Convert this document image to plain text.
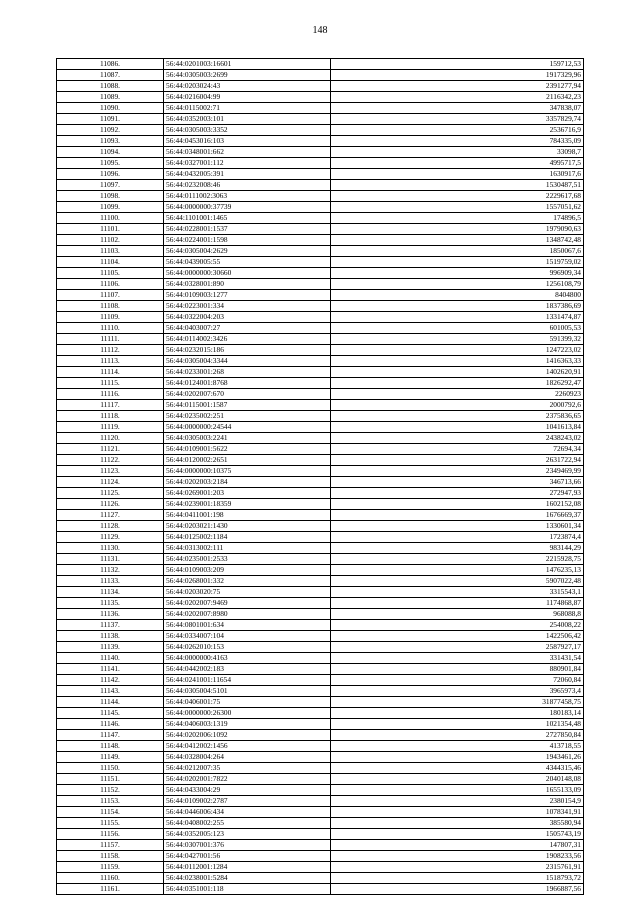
148
11086.	56:44:0201003:16601	159712,53
11087.	56:44:0305003:2699	1917329,96
11088.	56:44:0203024:43	2391277,94
11089.	56:44:0216004:99	2116342,23
11090.	56:44:0115002:71	347838,07
11091.	56:44:0352003:101	3357829,74
11092.	56:44:0305003:3352	2536716,9
11093.	56:44:0453016:103	784335,09
11094.	56:44:0348001:662	33098,7
11095.	56:44:0327001:112	4995717,5
11096.	56:44:0432005:391	1630917,6
11097.	56:44:0232008:46	1530487,51
11098.	56:44:0111002:3063	2229617,68
11099.	56:44:0000000:37739	1557051,62
11100.	56:44:1101001:1465	174896,5
11101.	56:44:0228001:1537	1979090,63
11102.	56:44:0224001:1598	1348742,48
11103.	56:44:0305004:2629	1850067,6
11104.	56:44:0439005:55	1519759,02
11105.	56:44:0000000:30660	996909,34
11106.	56:44:0328001:890	1256108,79
11107.	56:44:0109003:1277	8404800
11108.	56:44:0223001:334	1837386,69
11109.	56:44:0322004:203	1331474,87
11110.	56:44:0403007:27	601005,53
11111.	56:44:0114002:3426	591399,32
11112.	56:44:0232015:186	1247223,02
11113.	56:44:0305004:3344	1416363,33
11114.	56:44:0233001:268	1402620,91
11115.	56:44:0124001:8768	1826292,47
11116.	56:44:0202007:670	2260923
11117.	56:44:0115001:1587	2000792,6
11118.	56:44:0235002:251	2375836,65
11119.	56:44:0000000:24544	1041613,84
11120.	56:44:0305003:2241	2438243,02
11121.	56:44:0109001:5622	72694,34
11122.	56:44:0120002:2651	2631722,94
11123.	56:44:0000000:10375	2349469,99
11124.	56:44:0202003:2184	346713,66
11125.	56:44:0269001:203	272947,93
11126.	56:44:0239001:18359	1602152,08
11127.	56:44:0411001:198	1676669,37
11128.	56:44:0203021:1430	1330601,34
11129.	56:44:0125002:1184	1723874,4
11130.	56:44:0313002:111	983144,29
11131.	56:44:0235001:2533	2215928,75
11132.	56:44:0109003:209	1476235,13
11133.	56:44:0268001:332	5907022,48
11134.	56:44:0203020:75	3315543,1
11135.	56:44:0202007:9469	1174868,87
11136.	56:44:0202007:8980	968088,8
11137.	56:44:0801001:634	254008,22
11138.	56:44:0334007:104	1422506,42
11139.	56:44:0262010:153	2587927,17
11140.	56:44:0000000:4163	331431,54
11141.	56:44:0442002:183	880901,84
11142.	56:44:0241001:11654	72060,84
11143.	56:44:0305004:5101	3965973,4
11144.	56:44:0406001:75	31877458,75
11145.	56:44:0000000:26300	180183,14
11146.	56:44:0406003:1319	1021354,48
11147.	56:44:0202006:1092	2727850,84
11148.	56:44:0412002:1456	413718,55
11149.	56:44:0328004:264	1943461,26
11150.	56:44:0212007:35	4344315,46
11151.	56:44:0202001:7822	2040148,08
11152.	56:44:0433004:29	1655133,09
11153.	56:44:0109002:2787	2380154,9
11154.	56:44:0446006:434	1078341,91
11155.	56:44:0408002:255	385580,94
11156.	56:44:0352005:123	1505743,19
11157.	56:44:0307001:376	147807,31
11158.	56:44:0427001:56	1908233,56
11159.	56:44:0112001:1284	2315761,91
11160.	56:44:0238001:5284	1518793,72
11161.	56:44:0351001:118	1966887,56
